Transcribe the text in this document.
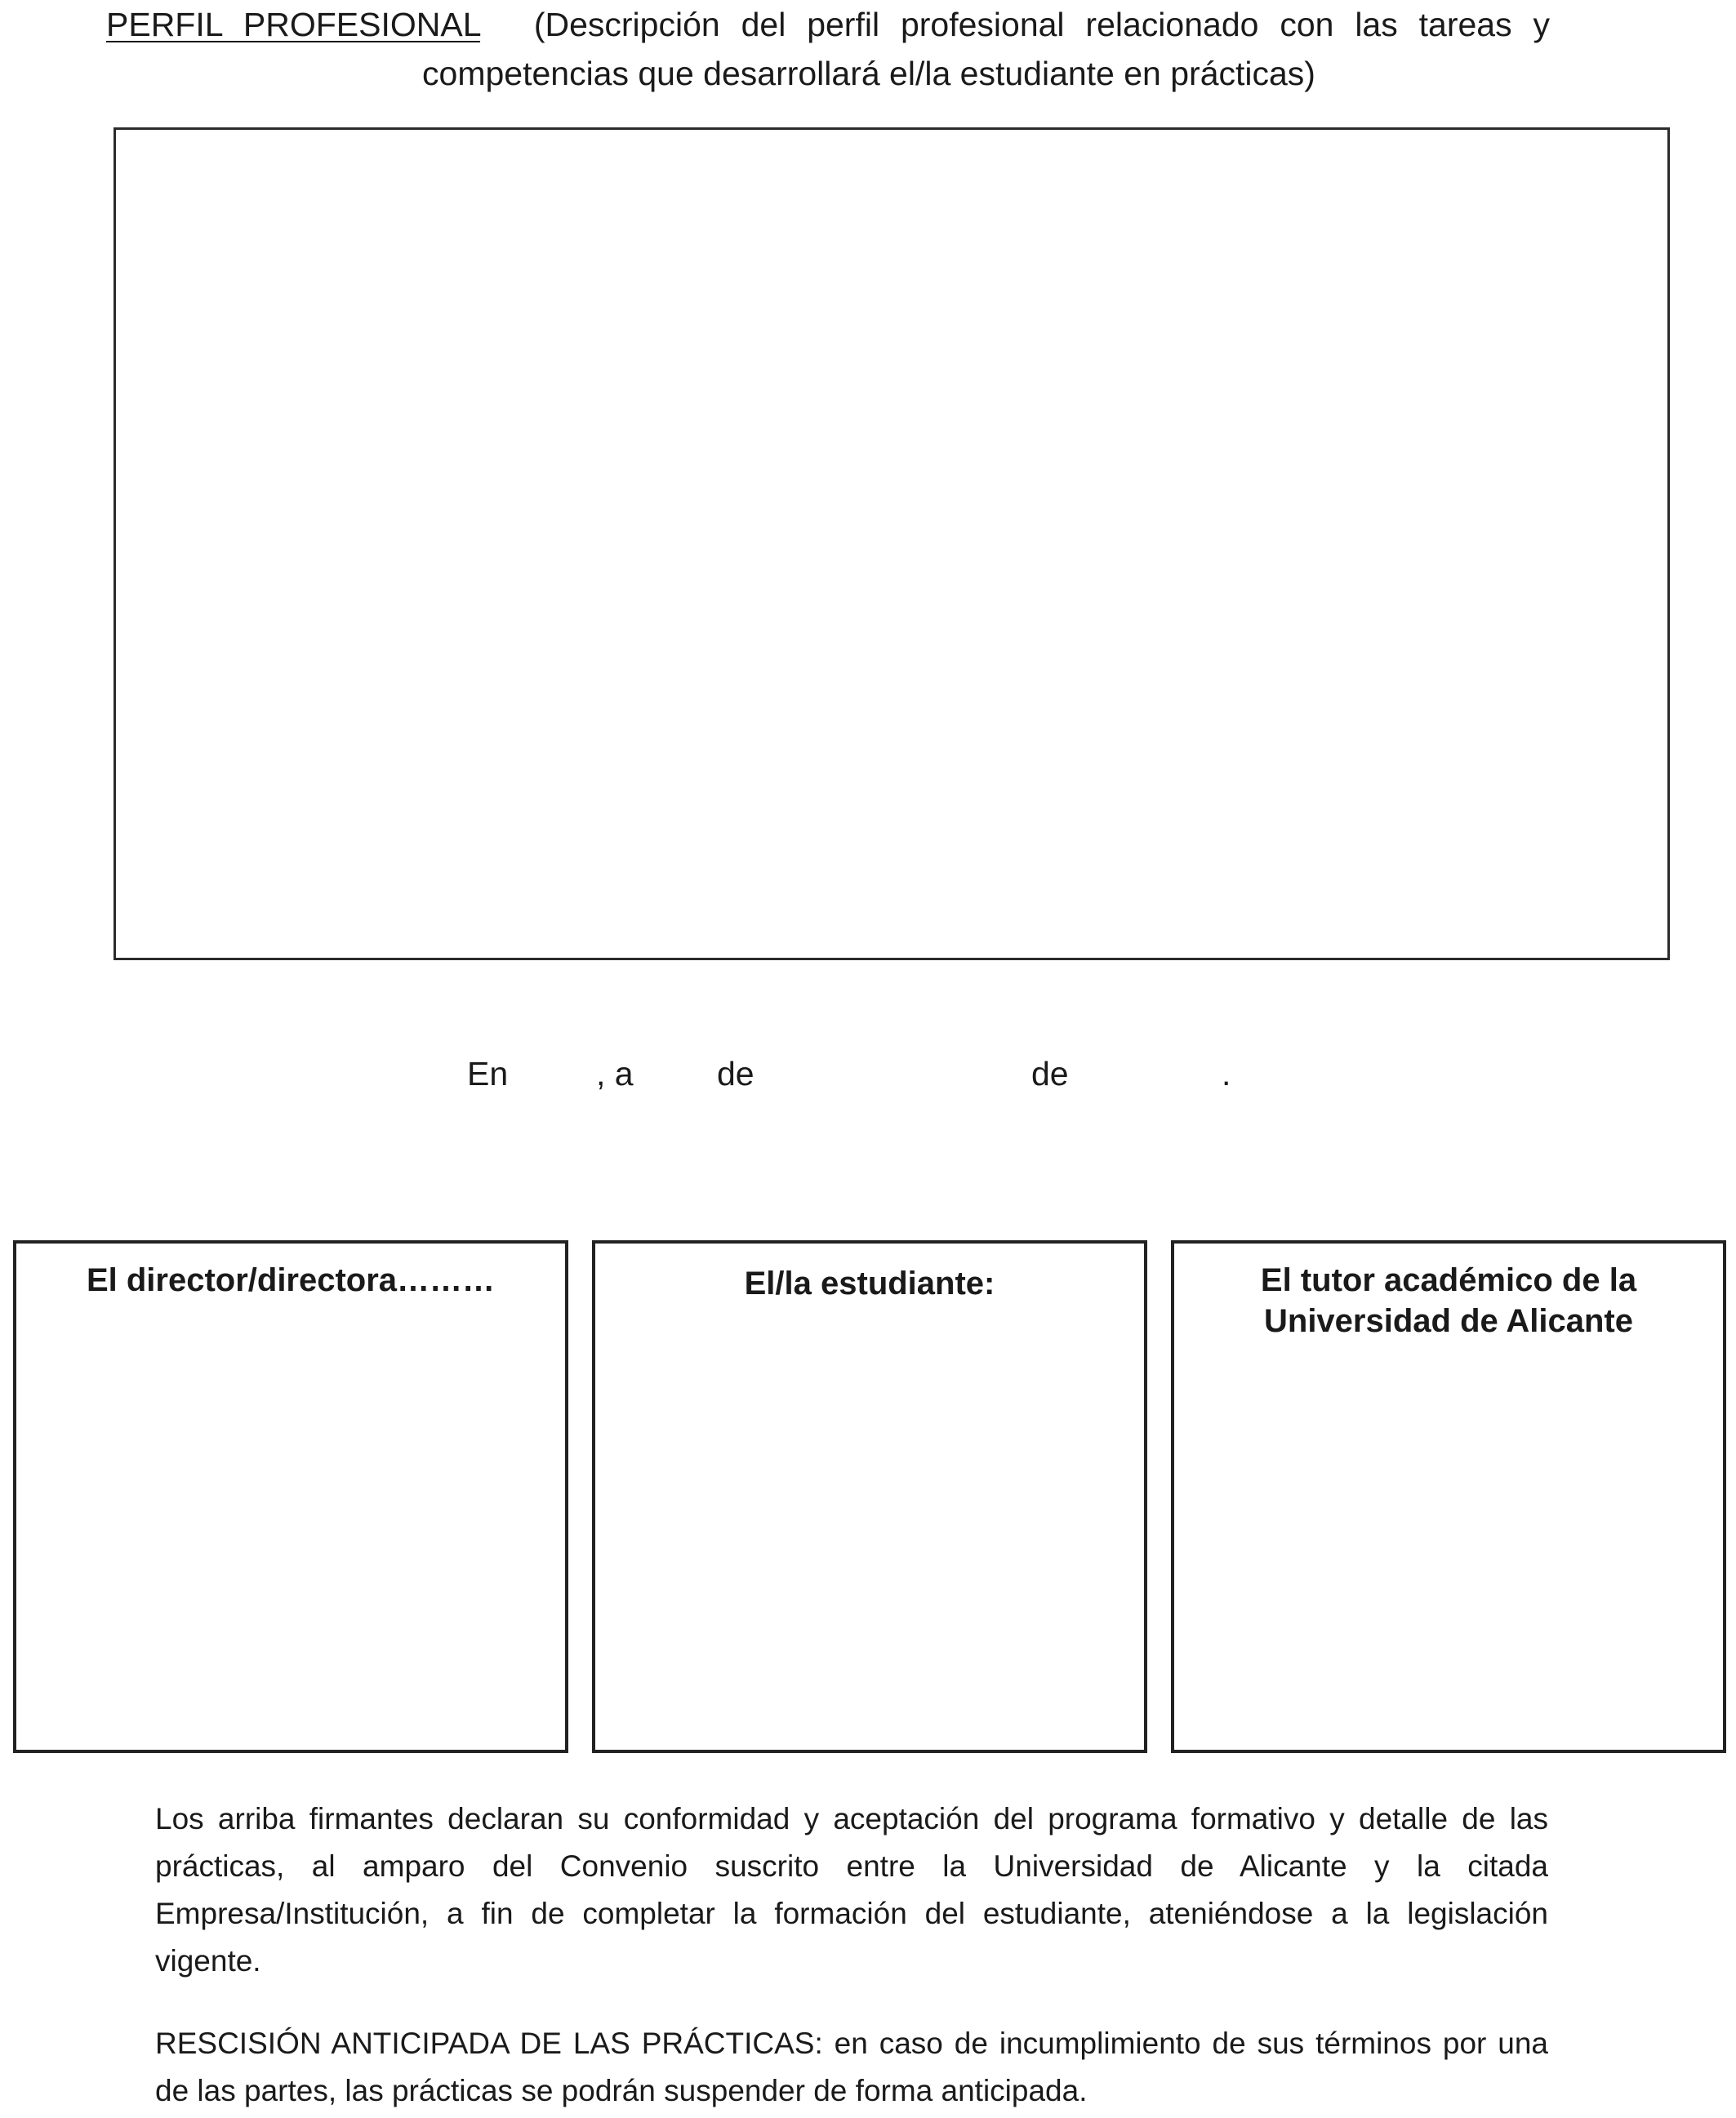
PERFIL PROFESIONAL (Descripción del perfil profesional relacionado con las tareas y
competencias que desarrollará el/la estudiante en prácticas)
En	, a de	de	.
El director/directora………	El/la estudiante:	El tutor académico de la Universidad de Alicante
Los arriba firmantes declaran su conformidad y aceptación del programa formativo y detalle de las prácticas, al amparo del Convenio suscrito entre la Universidad de Alicante y la citada Empresa/Institución, a fin de completar la formación del estudiante, ateniéndose a la legislación vigente.
RESCISIÓN ANTICIPADA DE LAS PRÁCTICAS: en caso de incumplimiento de sus términos por una de las partes, las prácticas se podrán suspender de forma anticipada.
